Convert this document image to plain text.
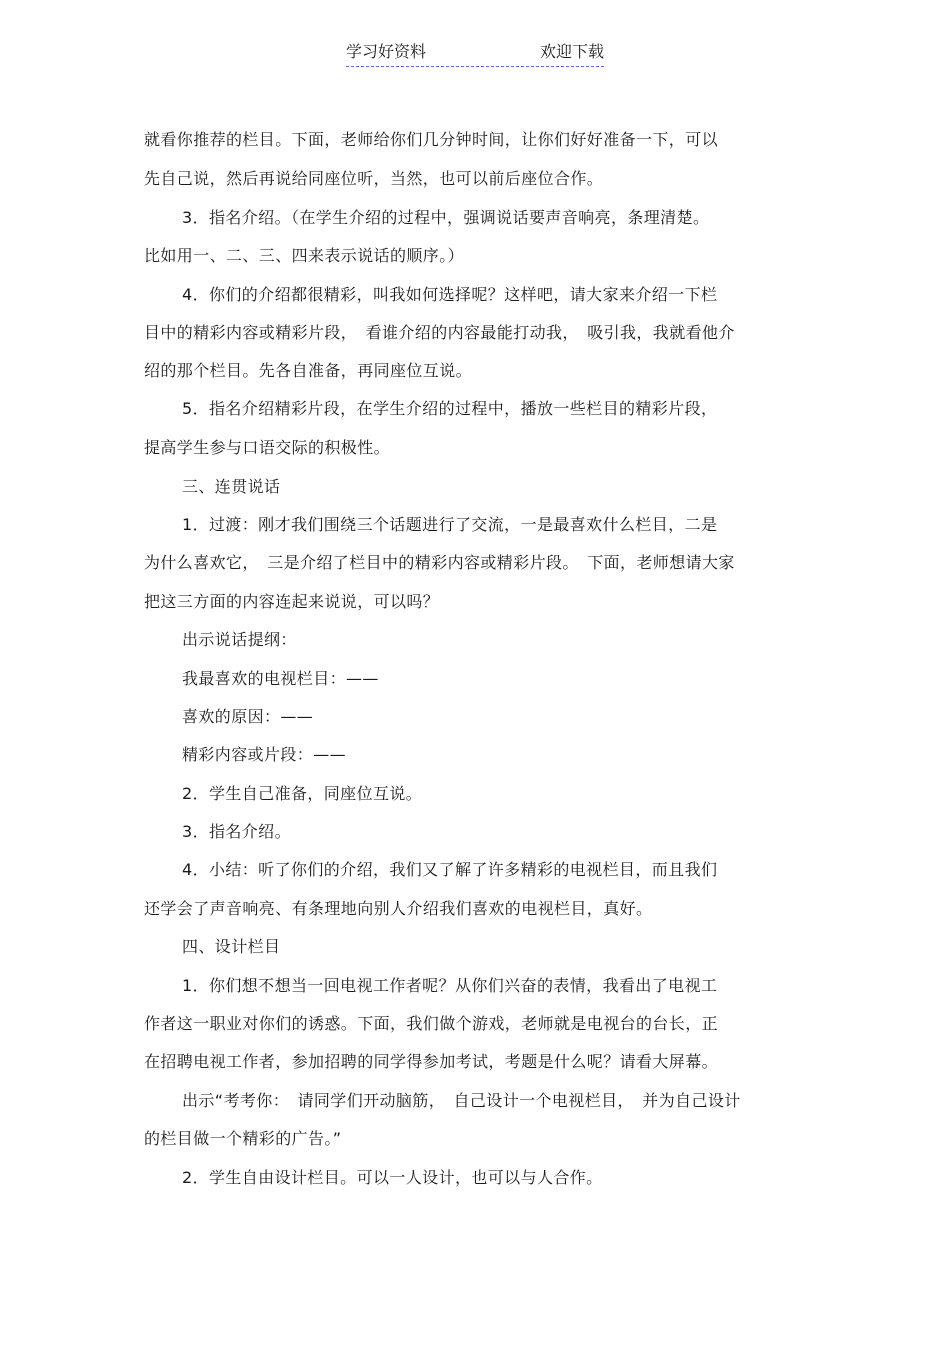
学习好资料	欢迎下载
就看你推荐的栏目。下面，老师给你们几分钟时间，让你们好好准备一下，可以
先自己说，然后再说给同座位听，当然，也可以前后座位合作。
3．指名介绍。（在学生介绍的过程中，强调说话要声音响亮，条理清楚。
比如用一、二、三、四来表示说话的顺序。）
4．你们的介绍都很精彩，叫我如何选择呢？这样吧，请大家来介绍一下栏
目中的精彩内容或精彩片段，　看谁介绍的内容最能打动我，　吸引我，我就看他介
绍的那个栏目。先各自准备，再同座位互说。
5．指名介绍精彩片段，在学生介绍的过程中，播放一些栏目的精彩片段，
提高学生参与口语交际的积极性。
三、连贯说话
1．过渡：刚才我们围绕三个话题进行了交流，一是最喜欢什么栏目，二是
为什么喜欢它，　三是介绍了栏目中的精彩内容或精彩片段。　下面，老师想请大家
把这三方面的内容连起来说说，可以吗？
出示说话提纲：
我最喜欢的电视栏目：——
喜欢的原因：——
精彩内容或片段：——
2．学生自己准备，同座位互说。
3．指名介绍。
4．小结：听了你们的介绍，我们又了解了许多精彩的电视栏目，而且我们
还学会了声音响亮、有条理地向别人介绍我们喜欢的电视栏目，真好。
四、设计栏目
1．你们想不想当一回电视工作者呢？从你们兴奋的表情，我看出了电视工
作者这一职业对你们的诱惑。下面，我们做个游戏，老师就是电视台的台长，正
在招聘电视工作者，参加招聘的同学得参加考试，考题是什么呢？请看大屏幕。
出示“考考你：　请同学们开动脑筋，　自己设计一个电视栏目，　并为自己设计
的栏目做一个精彩的广告。”
2．学生自由设计栏目。可以一人设计，也可以与人合作。
